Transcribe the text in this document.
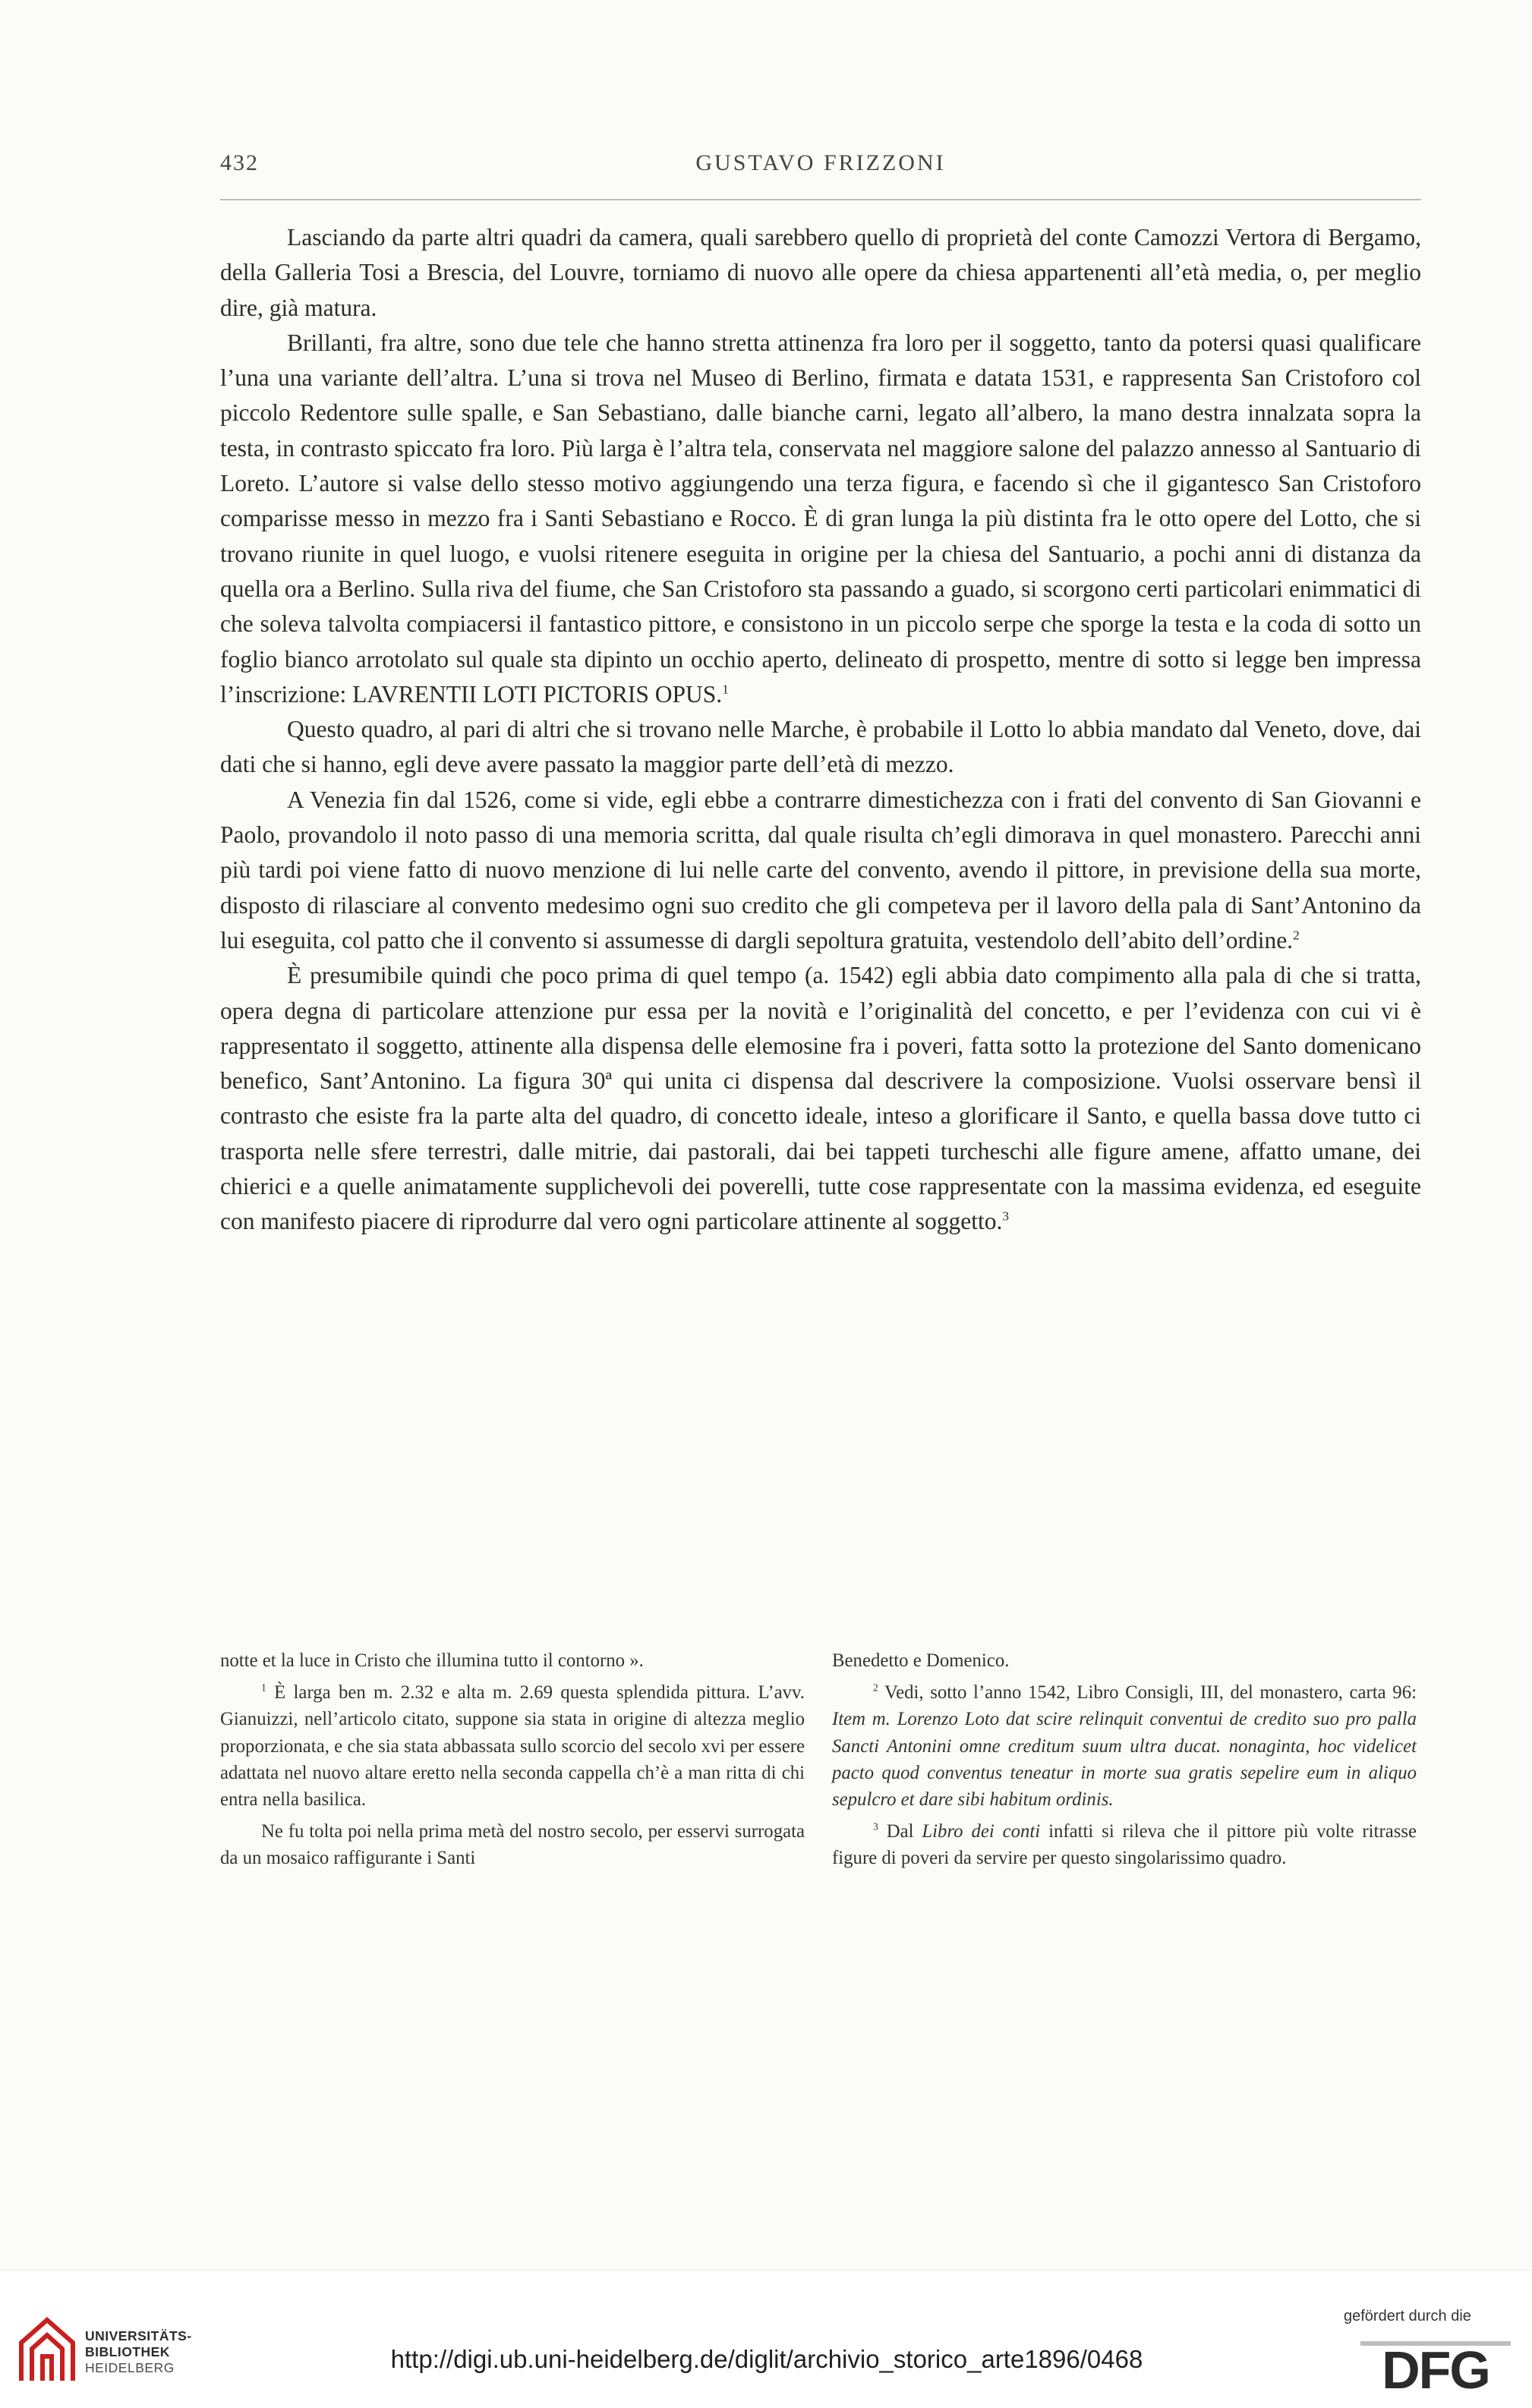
432	GUSTAVO FRIZZONI

Lasciando da parte altri quadri da camera, quali sarebbero quello di proprietà del conte Camozzi Vertora di Bergamo, della Galleria Tosi a Brescia, del Louvre, torniamo di nuovo alle opere da chiesa appartenenti all’età media, o, per meglio dire, già matura.

Brillanti, fra altre, sono due tele che hanno stretta attinenza fra loro per il soggetto, tanto da potersi quasi qualificare l’una una variante dell’altra. L’una si trova nel Museo di Berlino, firmata e datata 1531, e rappresenta San Cristoforo col piccolo Redentore sulle spalle, e San Sebastiano, dalle bianche carni, legato all’albero, la mano destra innalzata sopra la testa, in contrasto spiccato fra loro. Più larga è l’altra tela, conservata nel maggiore salone del palazzo annesso al Santuario di Loreto. L’autore si valse dello stesso motivo aggiungendo una terza figura, e facendo sì che il gigantesco San Cristoforo comparisse messo in mezzo fra i Santi Sebastiano e Rocco. È di gran lunga la più distinta fra le otto opere del Lotto, che si trovano riunite in quel luogo, e vuolsi ritenere eseguita in origine per la chiesa del Santuario, a pochi anni di distanza da quella ora a Berlino. Sulla riva del fiume, che San Cristoforo sta passando a guado, si scorgono certi particolari enimmatici di che soleva talvolta compiacersi il fantastico pittore, e consistono in un piccolo serpe che sporge la testa e la coda di sotto un foglio bianco arrotolato sul quale sta dipinto un occhio aperto, delineato di prospetto, mentre di sotto si legge ben impressa l’inscrizione: LAVRENTII LOTI PICTORIS OPUS.$^1$

Questo quadro, al pari di altri che si trovano nelle Marche, è probabile il Lotto lo abbia mandato dal Veneto, dove, dai dati che si hanno, egli deve avere passato la maggior parte dell’età di mezzo.

A Venezia fin dal 1526, come si vide, egli ebbe a contrarre dimestichezza con i frati del convento di San Giovanni e Paolo, provandolo il noto passo di una memoria scritta, dal quale risulta ch’egli dimorava in quel monastero. Parecchi anni più tardi poi viene fatto di nuovo menzione di lui nelle carte del convento, avendo il pittore, in previsione della sua morte, disposto di rilasciare al convento medesimo ogni suo credito che gli competeva per il lavoro della pala di Sant’Antonino da lui eseguita, col patto che il convento si assumesse di dargli sepoltura gratuita, vestendolo dell’abito dell’ordine.$^2$

È presumibile quindi che poco prima di quel tempo (a. 1542) egli abbia dato compimento alla pala di che si tratta, opera degna di particolare attenzione pur essa per la novità e l’originalità del concetto, e per l’evidenza con cui vi è rappresentato il soggetto, attinente alla dispensa delle elemosine fra i poveri, fatta sotto la protezione del Santo domenicano benefico, Sant’Antonino. La figura 30ª qui unita ci dispensa dal descrivere la composizione. Vuolsi osservare bensì il contrasto che esiste fra la parte alta del quadro, di concetto ideale, inteso a glorificare il Santo, e quella bassa dove tutto ci trasporta nelle sfere terrestri, dalle mitrie, dai pastorali, dai bei tappeti turcheschi alle figure amene, affatto umane, dei chierici e a quelle animatamente supplichevoli dei poverelli, tutte cose rappresentate con la massima evidenza, ed eseguite con manifesto piacere di riprodurre dal vero ogni particolare attinente al soggetto.$^3$

notte et la luce in Cristo che illumina tutto il contorno ».

$^1$ È larga ben m. 2.32 e alta m. 2.69 questa splendida pittura. L’avv. Gianuizzi, nell’articolo citato, suppone sia stata in origine di altezza meglio proporzionata, e che sia stata abbassata sullo scorcio del secolo xvi per essere adattata nel nuovo altare eretto nella seconda cappella ch’è a man ritta di chi entra nella basilica.

Ne fu tolta poi nella prima metà del nostro secolo, per esservi surrogata da un mosaico raffigurante i Santi

Benedetto e Domenico.

$^2$ Vedi, sotto l’anno 1542, Libro Consigli, III, del monastero, carta 96: Item m. Lorenzo Loto dat scire relinquit conventui de credito suo pro palla Sancti Antonini omne creditum suum ultra ducat. nonaginta, hoc videlicet pacto quod conventus teneatur in morte sua gratis sepelire eum in aliquo sepulcro et dare sibi habitum ordinis.

$^3$ Dal Libro dei conti infatti si rileva che il pittore più volte ritrasse figure di poveri da servire per questo singolarissimo quadro.

UNIVERSITÄTS-
BIBLIOTHEK
HEIDELBERG	http://digi.ub.uni-heidelberg.de/diglit/archivio_storico_arte1896/0468
gefördert durch die
DFG
